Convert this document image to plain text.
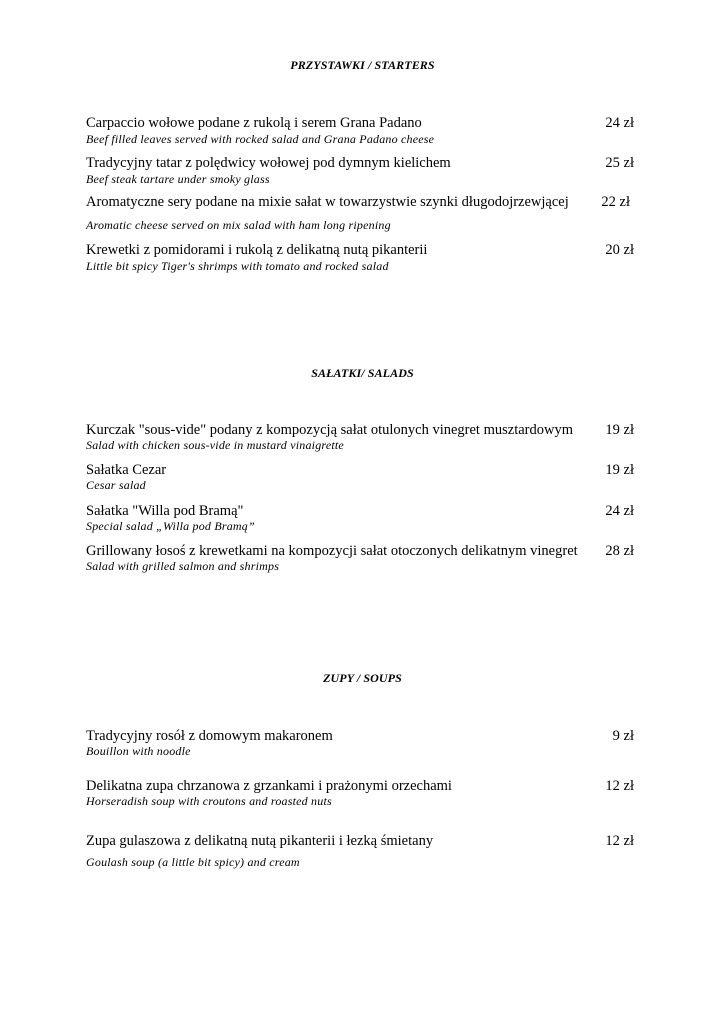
PRZYSTAWKI / STARTERS
Carpaccio wołowe podane z rukolą i serem Grana Padano	24 zł
Beef filled leaves served with rocked salad and Grana Padano cheese
Tradycyjny tatar z polędwicy wołowej pod dymnym kielichem	25 zł
Beef steak tartare under smoky glass
Aromatyczne sery podane na mixie sałat w towarzystwie szynki długodojrzewjącej	22 zł
Aromatic cheese served on mix salad with ham long ripening
Krewetki z pomidorami i rukolą z delikatną nutą pikanterii	20 zł
Little bit spicy Tiger's shrimps with tomato and rocked salad
SAŁATKI/ SALADS
Kurczak "sous-vide" podany z kompozycją sałat otulonych vinegret musztardowym	19 zł
Salad with chicken sous-vide in mustard vinaigrette
Sałatka Cezar	19 zł
Cesar salad
Sałatka "Willa pod Bramą"	24 zł
Special salad „Willa pod Bramą”
Grillowany łosoś z krewetkami na kompozycji sałat otoczonych delikatnym vinegret	28 zł
Salad with grilled salmon and shrimps
ZUPY / SOUPS
Tradycyjny rosół z domowym makaronem	9 zł
Bouillon with noodle
Delikatna zupa chrzanowa z grzankami i prażonymi orzechami	12 zł
Horseradish soup with croutons and roasted nuts
Zupa gulaszowa z delikatną nutą pikanterii i łezką śmietany	12 zł
Goulash soup (a little bit spicy) and cream
